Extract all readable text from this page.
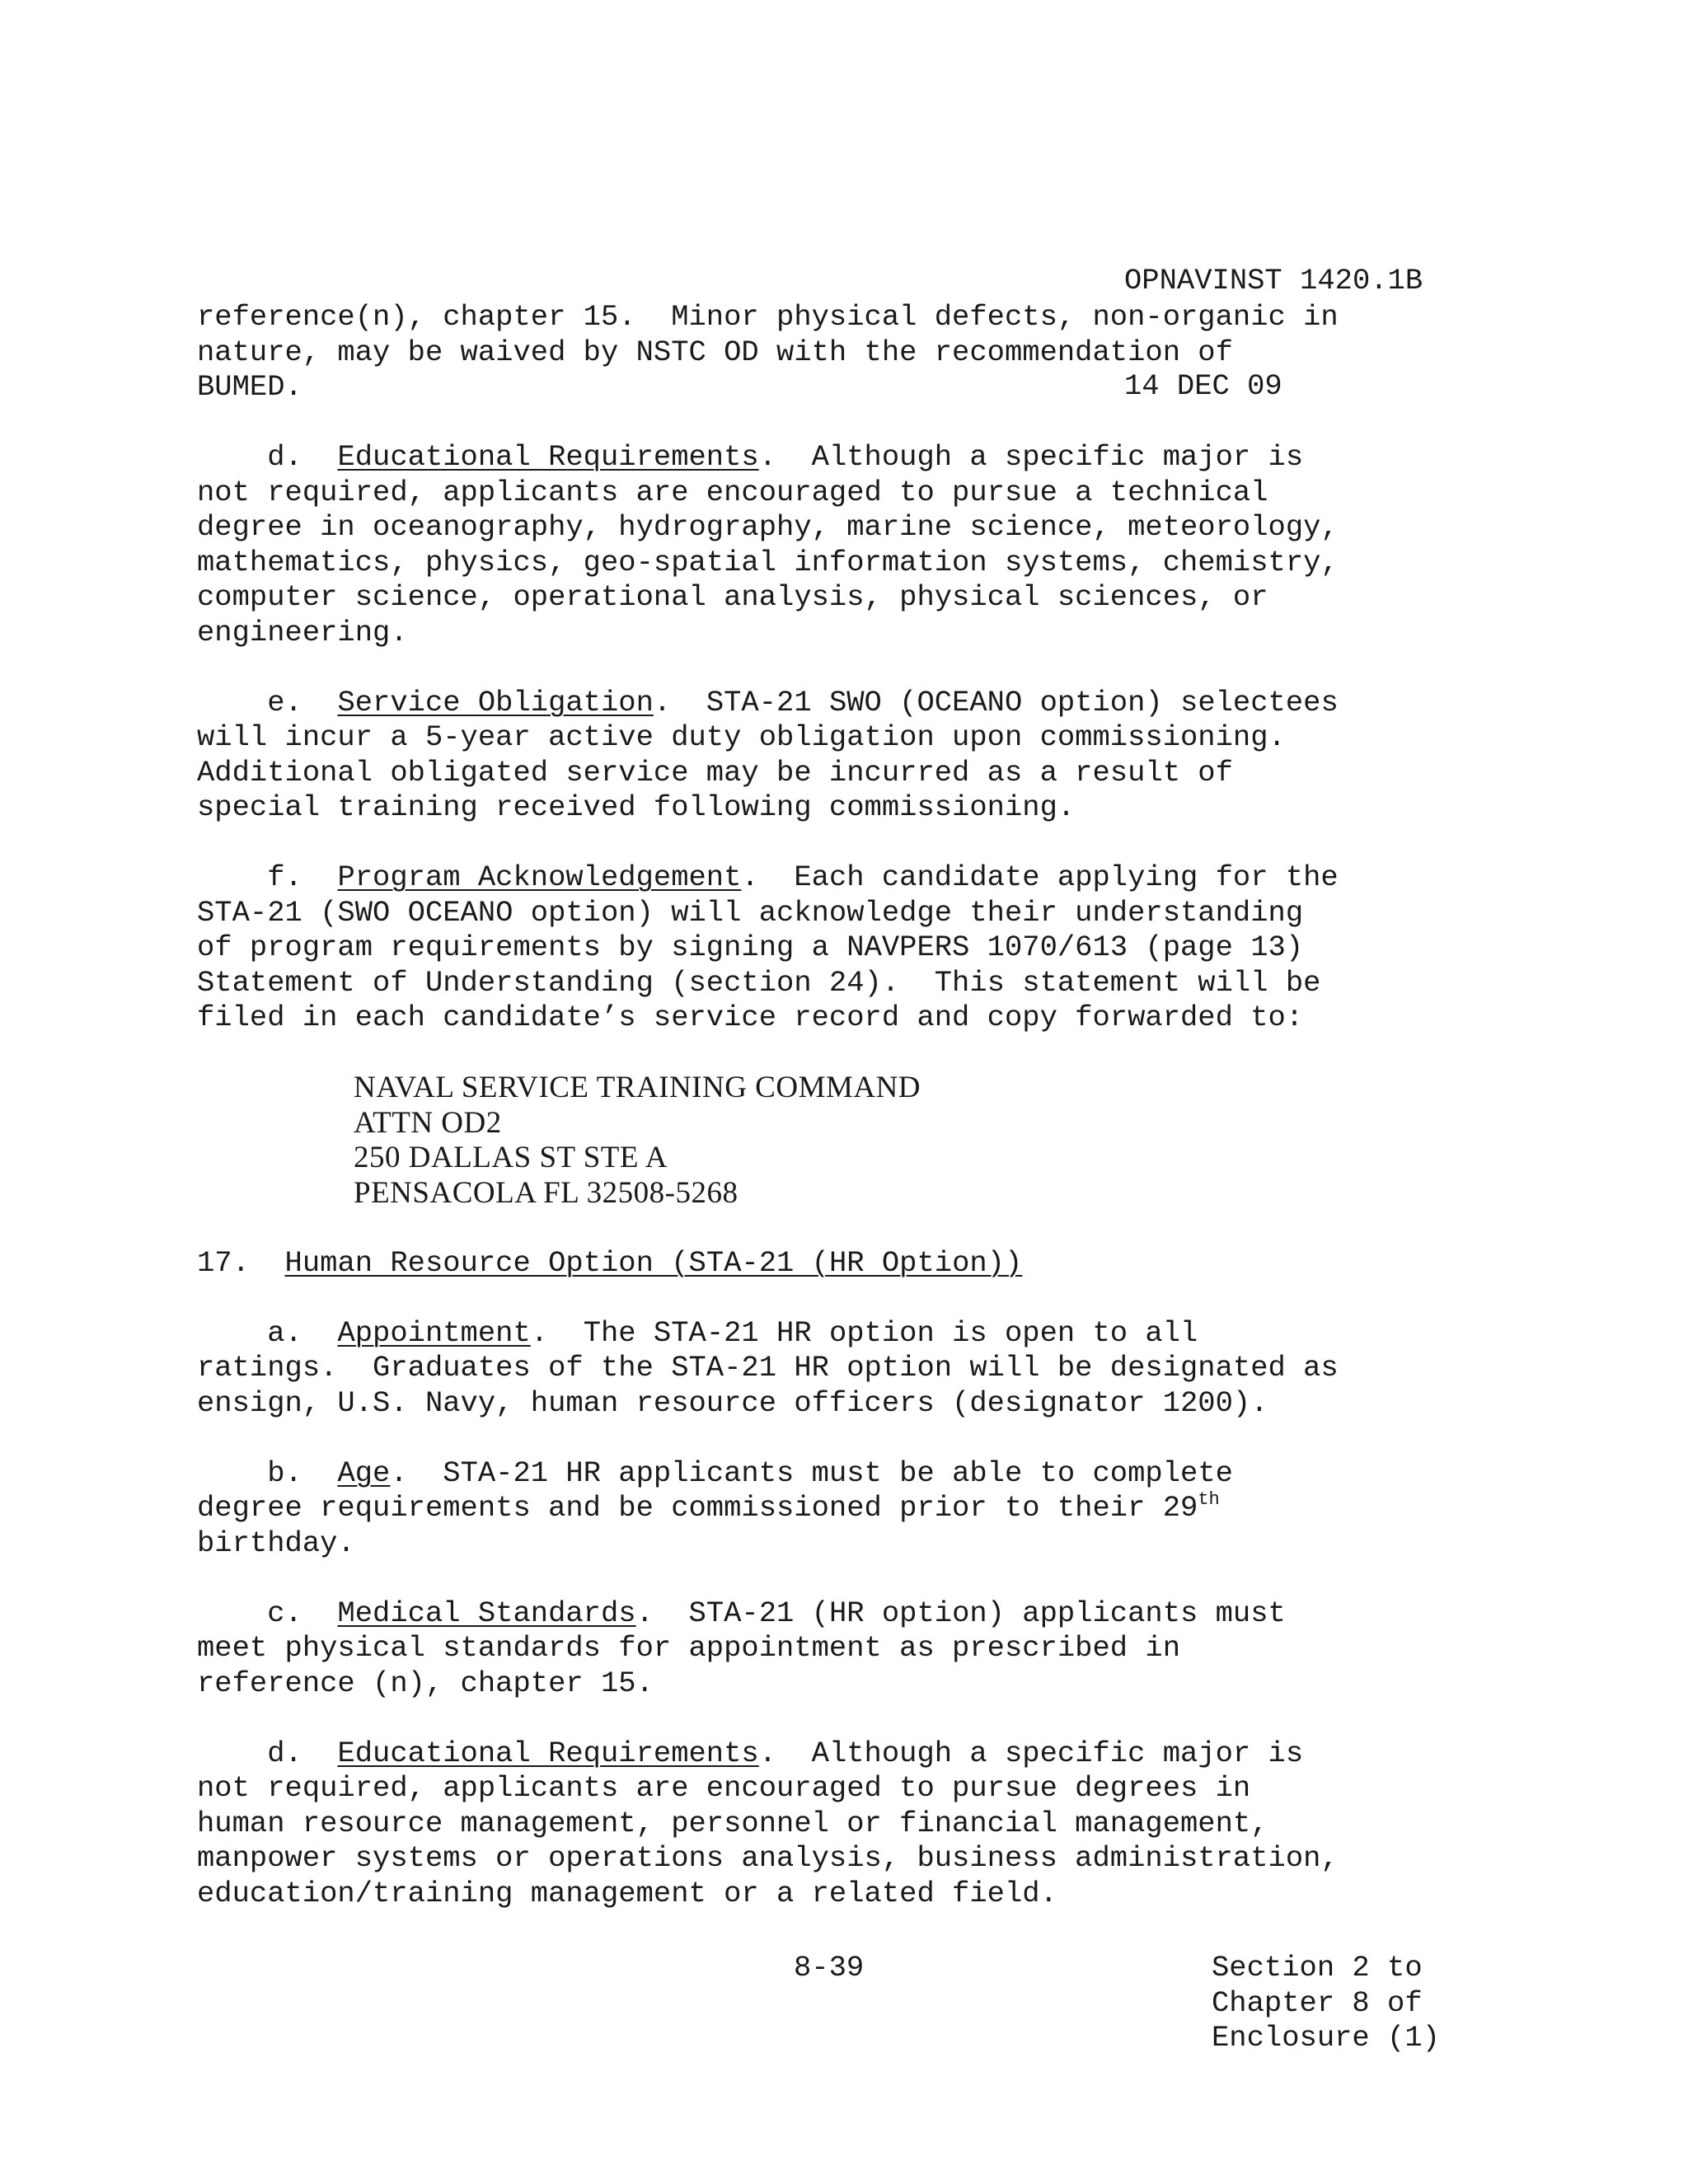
OPNAVINST 1420.1B

14 DEC 09

reference(n), chapter 15.  Minor physical defects, non-organic in
nature, may be waived by NSTC OD with the recommendation of
BUMED.
d. Educational Requirements.  Although a specific major is
not required, applicants are encouraged to pursue a technical
degree in oceanography, hydrography, marine science, meteorology,
mathematics, physics, geo-spatial information systems, chemistry,
computer science, operational analysis, physical sciences, or
engineering.
e. Service Obligation.  STA-21 SWO (OCEANO option) selectees
will incur a 5-year active duty obligation upon commissioning.
Additional obligated service may be incurred as a result of
special training received following commissioning.
f. Program Acknowledgement.  Each candidate applying for the
STA-21 (SWO OCEANO option) will acknowledge their understanding
of program requirements by signing a NAVPERS 1070/613 (page 13)
Statement of Understanding (section 24).  This statement will be
filed in each candidate’s service record and copy forwarded to:
NAVAL SERVICE TRAINING COMMAND
ATTN OD2
250 DALLAS ST STE A
PENSACOLA FL 32508-5268
17. Human Resource Option (STA-21 (HR Option))
a. Appointment.  The STA-21 HR option is open to all
ratings.  Graduates of the STA-21 HR option will be designated as
ensign, U.S. Navy, human resource officers (designator 1200).
b. Age.  STA-21 HR applicants must be able to complete
degree requirements and be commissioned prior to their 29th
birthday.
c. Medical Standards.  STA-21 (HR option) applicants must
meet physical standards for appointment as prescribed in
reference (n), chapter 15.
d. Educational Requirements.  Although a specific major is
not required, applicants are encouraged to pursue degrees in
human resource management, personnel or financial management,
manpower systems or operations analysis, business administration,
education/training management or a related field.
8-39	Section 2 to
Chapter 8 of
Enclosure (1)
